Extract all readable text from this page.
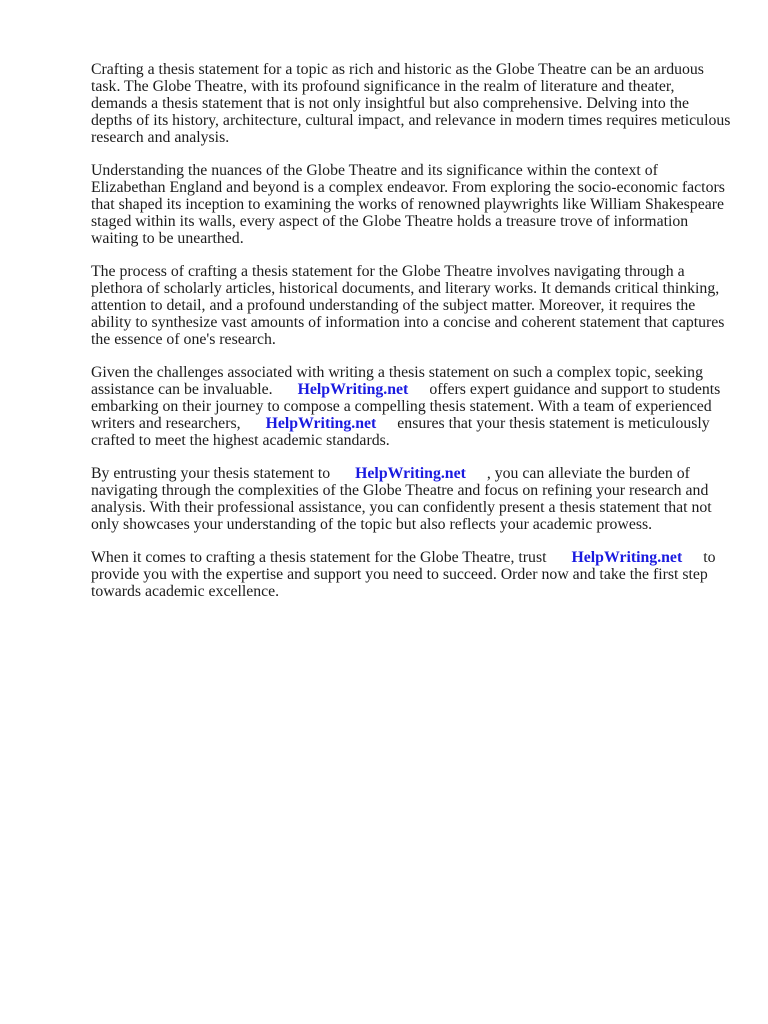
Crafting a thesis statement for a topic as rich and historic as the Globe Theatre can be an arduous
task. The Globe Theatre, with its profound significance in the realm of literature and theater,
demands a thesis statement that is not only insightful but also comprehensive. Delving into the
depths of its history, architecture, cultural impact, and relevance in modern times requires meticulous
research and analysis.
Understanding the nuances of the Globe Theatre and its significance within the context of
Elizabethan England and beyond is a complex endeavor. From exploring the socio-economic factors
that shaped its inception to examining the works of renowned playwrights like William Shakespeare
staged within its walls, every aspect of the Globe Theatre holds a treasure trove of information
waiting to be unearthed.
The process of crafting a thesis statement for the Globe Theatre involves navigating through a
plethora of scholarly articles, historical documents, and literary works. It demands critical thinking,
attention to detail, and a profound understanding of the subject matter. Moreover, it requires the
ability to synthesize vast amounts of information into a concise and coherent statement that captures
the essence of one's research.
Given the challenges associated with writing a thesis statement on such a complex topic, seeking
assistance can be invaluable. HelpWriting.net offers expert guidance and support to students
embarking on their journey to compose a compelling thesis statement. With a team of experienced
writers and researchers, HelpWriting.net ensures that your thesis statement is meticulously
crafted to meet the highest academic standards.
By entrusting your thesis statement to HelpWriting.net , you can alleviate the burden of
navigating through the complexities of the Globe Theatre and focus on refining your research and
analysis. With their professional assistance, you can confidently present a thesis statement that not
only showcases your understanding of the topic but also reflects your academic prowess.
When it comes to crafting a thesis statement for the Globe Theatre, trust HelpWriting.net to
provide you with the expertise and support you need to succeed. Order now and take the first step
towards academic excellence.
